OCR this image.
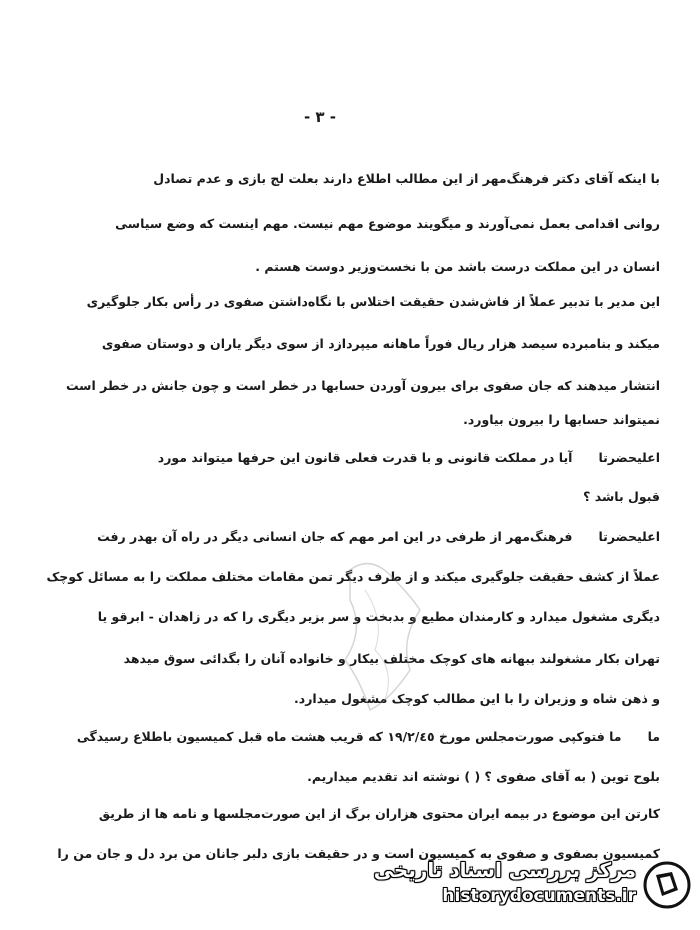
- ٣ -
با اینکه آقای دکتر فرهنگ‌مهر از این مطالب اطلاع دارند بعلت لج بازی و عدم تصادل
روانی اقدامی بعمل نمی‌آورند و میگویند موضوع مهم نیست. مهم اینست که وضع سیاسی
انسان در این مملکت درست باشد من با نخست‌وزیر دوست هستم .
این مدیر با تدبیر عملاً از فاش‌شدن حقیقت اختلاس با نگاه‌داشتن صفوی در رأس بکار جلوگیری
میکند و بنامبرده سیصد هزار ریال فوراً ماهانه میپردازد از سوی دیگر یاران و دوستان صفوی
انتشار میدهند که جان صفوی برای بیرون آوردن حسابها در خطر است و چون جانش در خطر است
نمیتواند حسابها را بیرون بیاورد.
اعلیحضرتاآیا در مملکت قانونی و با قدرت فعلی قانون این حرفها میتواند مورد
قبول باشد ؟
اعلیحضرتافرهنگ‌مهر از طرفی در این امر مهم که جان انسانی دیگر در راه آن بهدر رفت
عملاً از کشف حقیقت جلوگیری میکند و از طرف دیگر تمن مقامات مختلف مملکت را به مسائل کوچک
دیگری مشغول میدارد و کارمندان مطیع و بدبخت و سر بزیر دیگری را که در زاهدان - ابرقو یا
تهران بکار مشغولند ببهانه های کوچک مختلف بیکار و خانواده آنان را بگدائی سوق میدهد
و ذهن شاه و وزیران را با این مطالب کوچک مشغول میدارد.
ماما فتوکپی صورت‌مجلس مورخ ١٩/٢/٤٥ که قریب هشت ماه قبل کمیسیون باطلاع رسیدگی
بلوح توین ( به آقای صفوی ؟ ( ) نوشته اند تقدیم میداریم.
کارتن این موضوع در بیمه ایران محتوی هزاران برگ از این صورت‌مجلسها و نامه ها از طریق
کمیسیون بصفوی و صفوی به کمیسیون است و در حقیقت بازی دلبر جانان من برد دل و جان من را
مرکز بررسی اسناد تاریخی
historydocuments.ir
